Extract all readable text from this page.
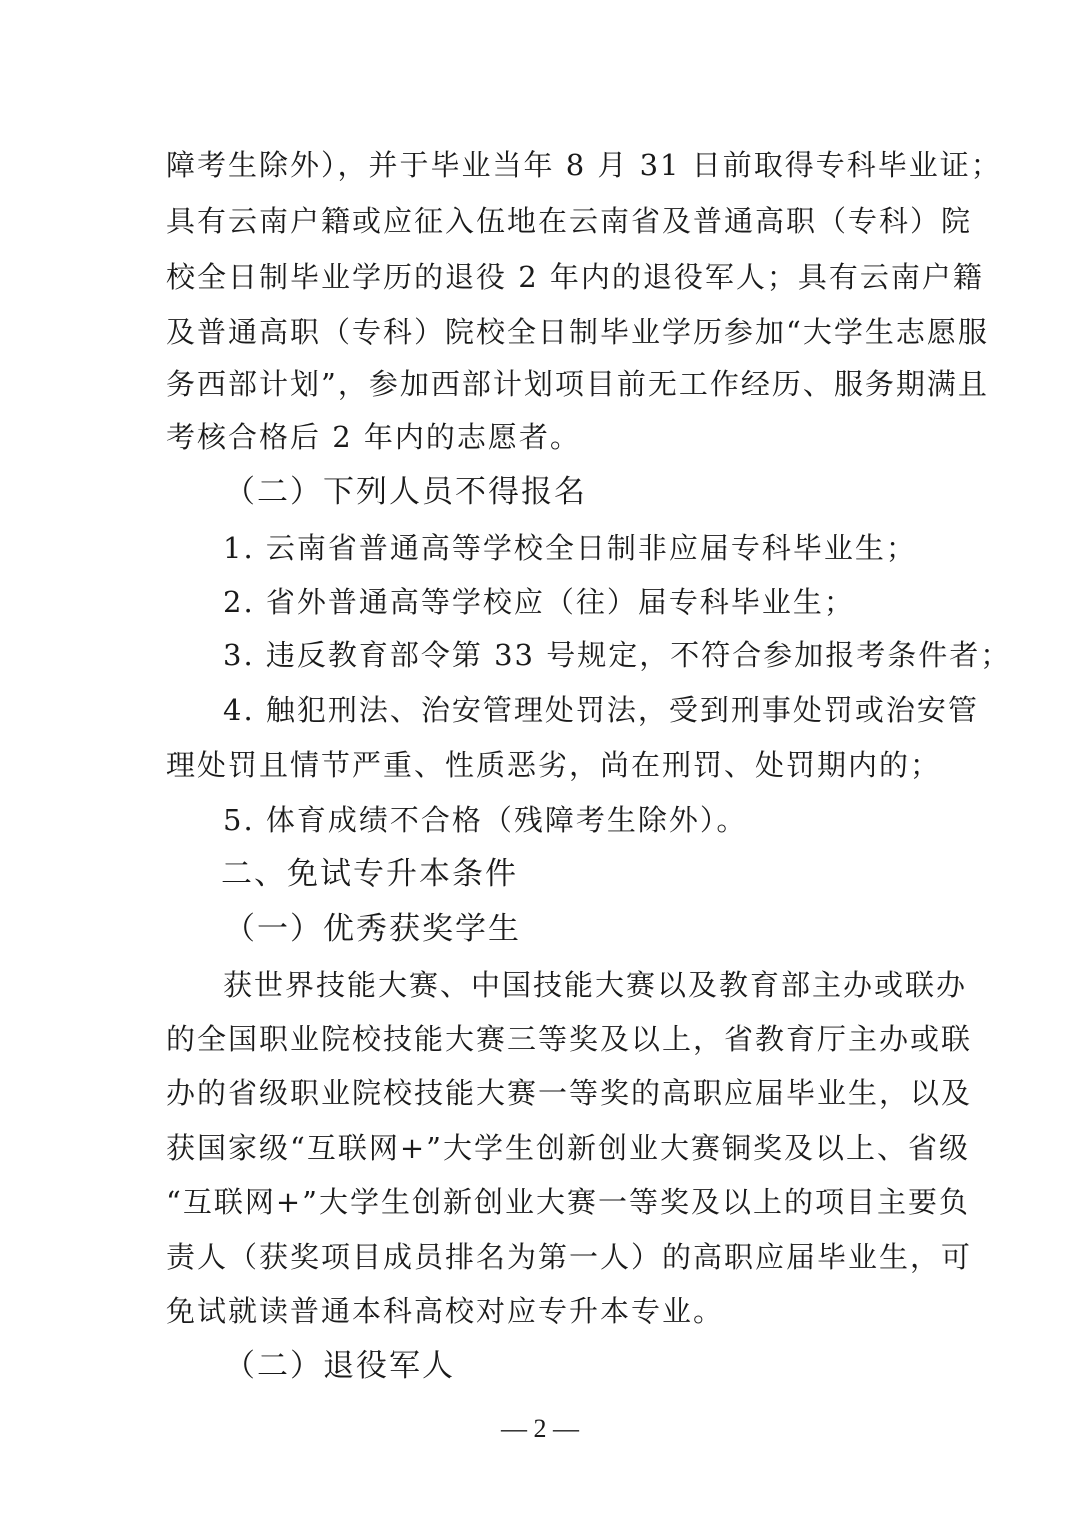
障考生除外），并于毕业当年 8 月 31 日前取得专科毕业证；
具有云南户籍或应征入伍地在云南省及普通高职（专科）院
校全日制毕业学历的退役 2 年内的退役军人；具有云南户籍
及普通高职（专科）院校全日制毕业学历参加“大学生志愿服
务西部计划”，参加西部计划项目前无工作经历、服务期满且
考核合格后 2 年内的志愿者。
（二）下列人员不得报名
1. 云南省普通高等学校全日制非应届专科毕业生；
2. 省外普通高等学校应（往）届专科毕业生；
3. 违反教育部令第 33 号规定，不符合参加报考条件者；
4. 触犯刑法、治安管理处罚法，受到刑事处罚或治安管
理处罚且情节严重、性质恶劣，尚在刑罚、处罚期内的；
5. 体育成绩不合格（残障考生除外）。
二、免试专升本条件
（一）优秀获奖学生
获世界技能大赛、中国技能大赛以及教育部主办或联办
的全国职业院校技能大赛三等奖及以上，省教育厅主办或联
办的省级职业院校技能大赛一等奖的高职应届毕业生，以及
获国家级“互联网+”大学生创新创业大赛铜奖及以上、省级
“互联网+”大学生创新创业大赛一等奖及以上的项目主要负
责人（获奖项目成员排名为第一人）的高职应届毕业生，可
免试就读普通本科高校对应专升本专业。
（二）退役军人
— 2 —
